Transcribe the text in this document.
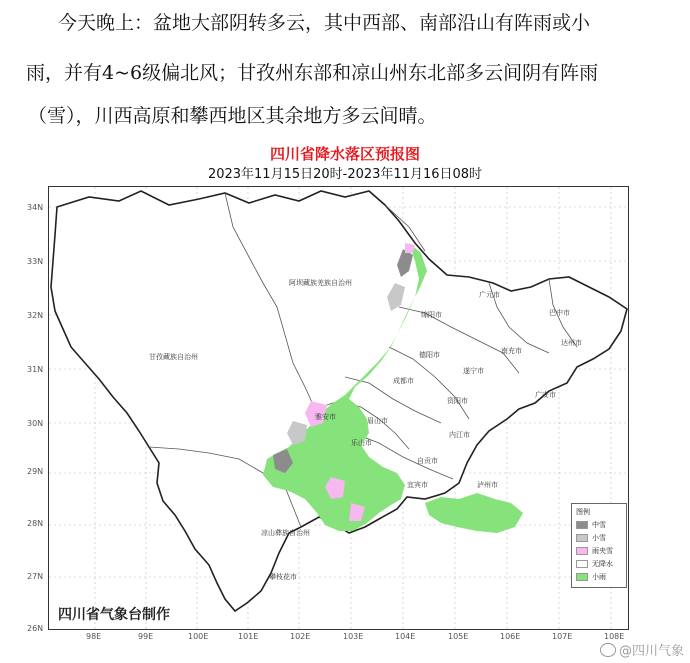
今天晚上：盆地大部阴转多云，其中西部、南部沿山有阵雨或小
雨，并有4~6级偏北风；甘孜州东部和凉山州东北部多云间阴有阵雨
（雪），川西高原和攀西地区其余地方多云间晴。
四川省降水落区预报图
2023年11月15日20时-2023年11月16日08时
34N
33N
32N
31N
30N
29N
28N
27N
26N
98E	99E	100E	101E	102E	103E	104E	105E	106E	107E	108E
阿坝藏族羌族自治州
甘孜藏族自治州
凉山彝族自治州
攀枝花市
雅安市
成都市
乐山市
眉山市
绵阳市
德阳市
广元市
巴中市
达州市
南充市
遂宁市
资阳市
内江市
自贡市
宜宾市	泸州市
广安市
图例
中雪
小雪
雨夹雪
无降水
小雨
四川省气象台制作
@四川气象
